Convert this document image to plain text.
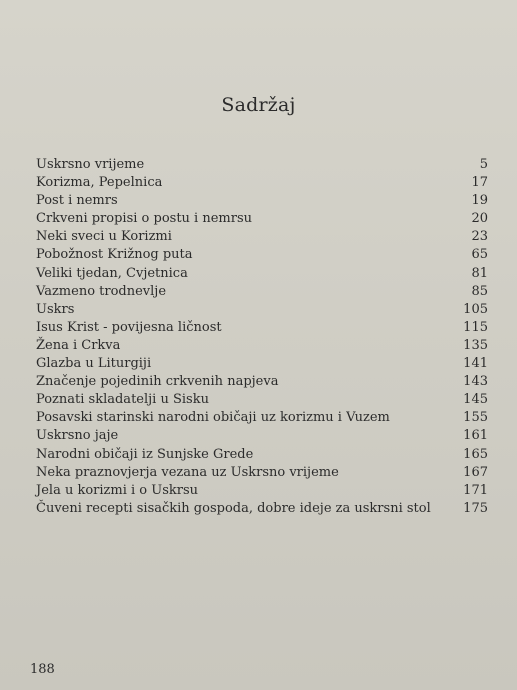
Sadržaj
Uskrsno vrijeme	5
Korizma, Pepelnica	17
Post i nemrs	19
Crkveni propisi o postu i nemrsu	20
Neki sveci u Korizmi	23
Pobožnost Križnog puta	65
Veliki tjedan, Cvjetnica	81
Vazmeno trodnevlje	85
Uskrs	105
Isus Krist - povijesna ličnost	115
Žena i Crkva	135
Glazba u Liturgiji	141
Značenje pojedinih crkvenih napjeva	143
Poznati skladatelji u Sisku	145
Posavski starinski narodni običaji uz korizmu i Vuzem	155
Uskrsno jaje	161
Narodni običaji iz Sunjske Grede	165
Neka praznovjerja vezana uz Uskrsno vrijeme	167
Jela u korizmi i o Uskrsu	171
Čuveni recepti sisačkih gospoda, dobre ideje za uskrsni stol 175
188
